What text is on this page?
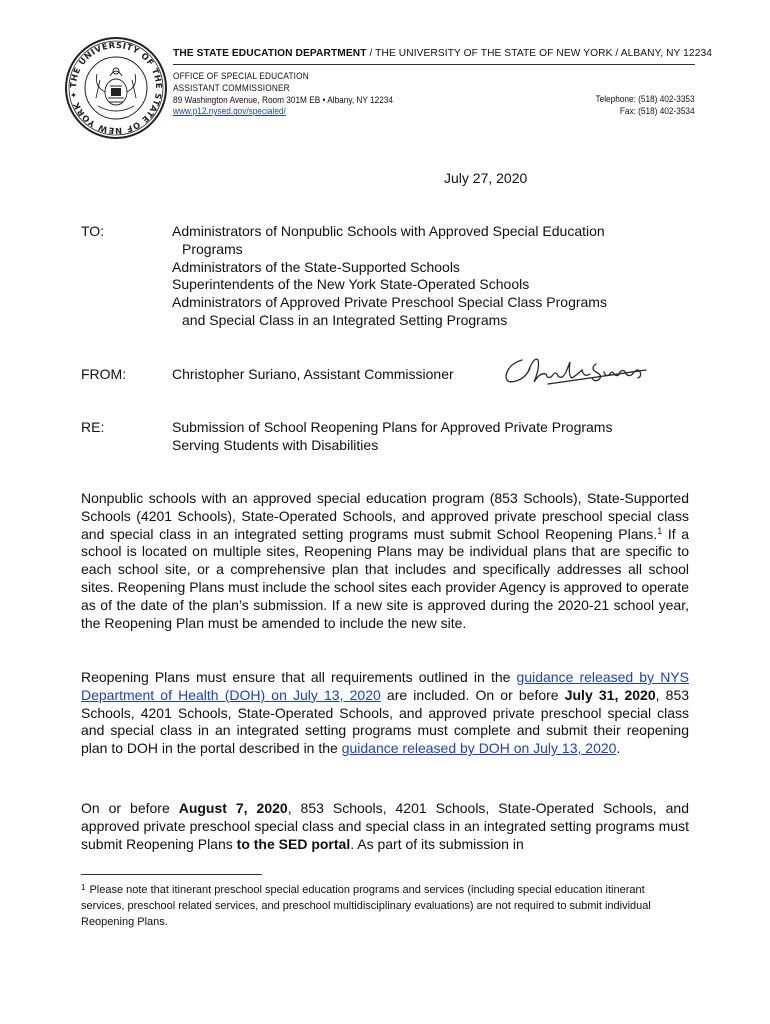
THE UNIVERSITY OF THE STATE OF NEW YORK ✦
THE STATE EDUCATION DEPARTMENT / THE UNIVERSITY OF THE STATE OF NEW YORK / ALBANY, NY 12234
OFFICE OF SPECIAL EDUCATION
ASSISTANT COMMISSIONER
89 Washington Avenue, Room 301M EB • Albany, NY 12234
www.p12.nysed.gov/specialed/
Telephone: (518) 402-3353
Fax: (518) 402-3534
July 27, 2020
TO:	Administrators of Nonpublic Schools with Approved Special Education
Programs
Administrators of the State-Supported Schools
Superintendents of the New York State-Operated Schools
Administrators of Approved Private Preschool Special Class Programs
and Special Class in an Integrated Setting Programs
FROM:	Christopher Suriano, Assistant Commissioner
RE:	Submission of School Reopening Plans for Approved Private Programs
Serving Students with Disabilities
Nonpublic schools with an approved special education program (853 Schools), State-Supported Schools (4201 Schools), State-Operated Schools, and approved private preschool special class and special class in an integrated setting programs must submit School Reopening Plans.$^1$ If a school is located on multiple sites, Reopening Plans may be individual plans that are specific to each school site, or a comprehensive plan that includes and specifically addresses all school sites. Reopening Plans must include the school sites each provider Agency is approved to operate as of the date of the plan’s submission. If a new site is approved during the 2020-21 school year, the Reopening Plan must be amended to include the new site.
Reopening Plans must ensure that all requirements outlined in the guidance released by NYS Department of Health (DOH) on July 13, 2020 are included. On or before July 31, 2020, 853 Schools, 4201 Schools, State-Operated Schools, and approved private preschool special class and special class in an integrated setting programs must complete and submit their reopening plan to DOH in the portal described in the guidance released by DOH on July 13, 2020.
On or before August 7, 2020, 853 Schools, 4201 Schools, State-Operated Schools, and approved private preschool special class and special class in an integrated setting programs must submit Reopening Plans to the SED portal. As part of its submission in
$^1$ Please note that itinerant preschool special education programs and services (including special education itinerant services, preschool related services, and preschool multidisciplinary evaluations) are not required to submit individual Reopening Plans.
